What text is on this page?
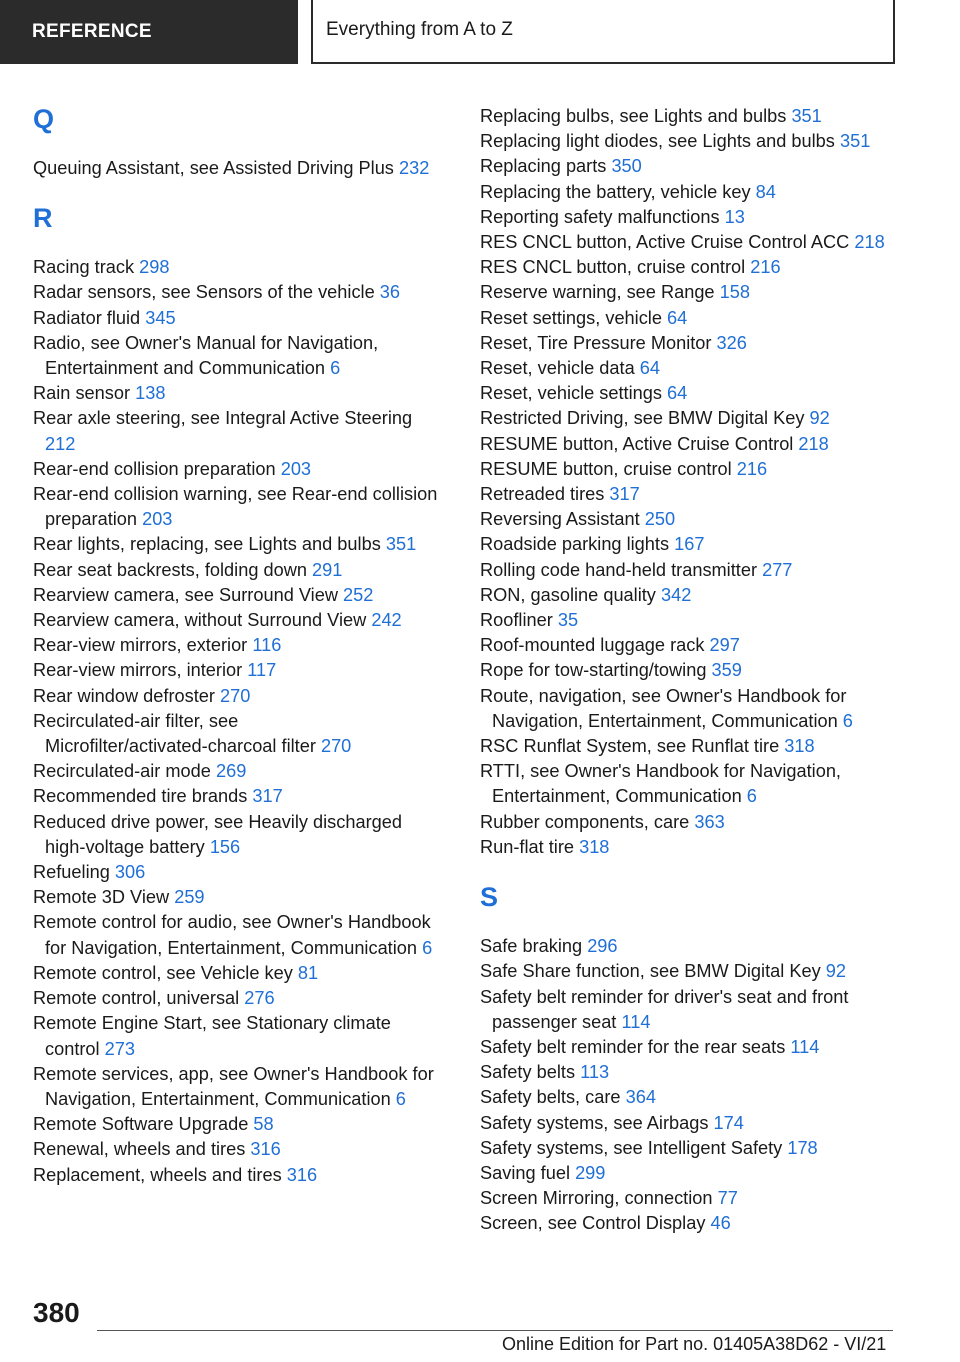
REFERENCE	Everything from A to Z
Q

Queuing Assistant, see Assisted Driving Plus 232

R

Racing track 298

Radar sensors, see Sensors of the vehicle 36

Radiator fluid 345

Radio, see Owner's Manual for Navigation, Entertainment and Communication 6

Rain sensor 138

Rear axle steering, see Integral Active Steering 212

Rear‑end collision preparation 203

Rear‑end collision warning, see Rear‑end collision preparation 203

Rear lights, replacing, see Lights and bulbs 351

Rear seat backrests, folding down 291

Rearview camera, see Surround View 252

Rearview camera, without Surround View 242

Rear‑view mirrors, exterior 116

Rear‑view mirrors, interior 117

Rear window defroster 270

Recirculated‑air filter, see Microfilter/activated‑charcoal filter 270

Recirculated‑air mode 269

Recommended tire brands 317

Reduced drive power, see Heavily discharged high‑voltage battery 156

Refueling 306

Remote 3D View 259

Remote control for audio, see Owner's Handbook for Navigation, Entertainment, Communication 6

Remote control, see Vehicle key 81

Remote control, universal 276

Remote Engine Start, see Stationary climate control 273

Remote services, app, see Owner's Handbook for Navigation, Entertainment, Communication 6

Remote Software Upgrade 58

Renewal, wheels and tires 316

Replacement, wheels and tires 316

Replacing bulbs, see Lights and bulbs 351

Replacing light diodes, see Lights and bulbs 351

Replacing parts 350

Replacing the battery, vehicle key 84

Reporting safety malfunctions 13

RES CNCL button, Active Cruise Control ACC 218

RES CNCL button, cruise control 216

Reserve warning, see Range 158

Reset settings, vehicle 64

Reset, Tire Pressure Monitor 326

Reset, vehicle data 64

Reset, vehicle settings 64

Restricted Driving, see BMW Digital Key 92

RESUME button, Active Cruise Control 218

RESUME button, cruise control 216

Retreaded tires 317

Reversing Assistant 250

Roadside parking lights 167

Rolling code hand‑held transmitter 277

RON, gasoline quality 342

Roofliner 35

Roof‑mounted luggage rack 297

Rope for tow‑starting/towing 359

Route, navigation, see Owner's Handbook for Navigation, Entertainment, Communication 6

RSC Runflat System, see Runflat tire 318

RTTI, see Owner's Handbook for Navigation, Entertainment, Communication 6

Rubber components, care 363

Run‑flat tire 318

S

Safe braking 296

Safe Share function, see BMW Digital Key 92

Safety belt reminder for driver's seat and front passenger seat 114

Safety belt reminder for the rear seats 114

Safety belts 113

Safety belts, care 364

Safety systems, see Airbags 174

Safety systems, see Intelligent Safety 178

Saving fuel 299

Screen Mirroring, connection 77

Screen, see Control Display 46

380
Online Edition for Part no. 01405A38D62 - VI/21
